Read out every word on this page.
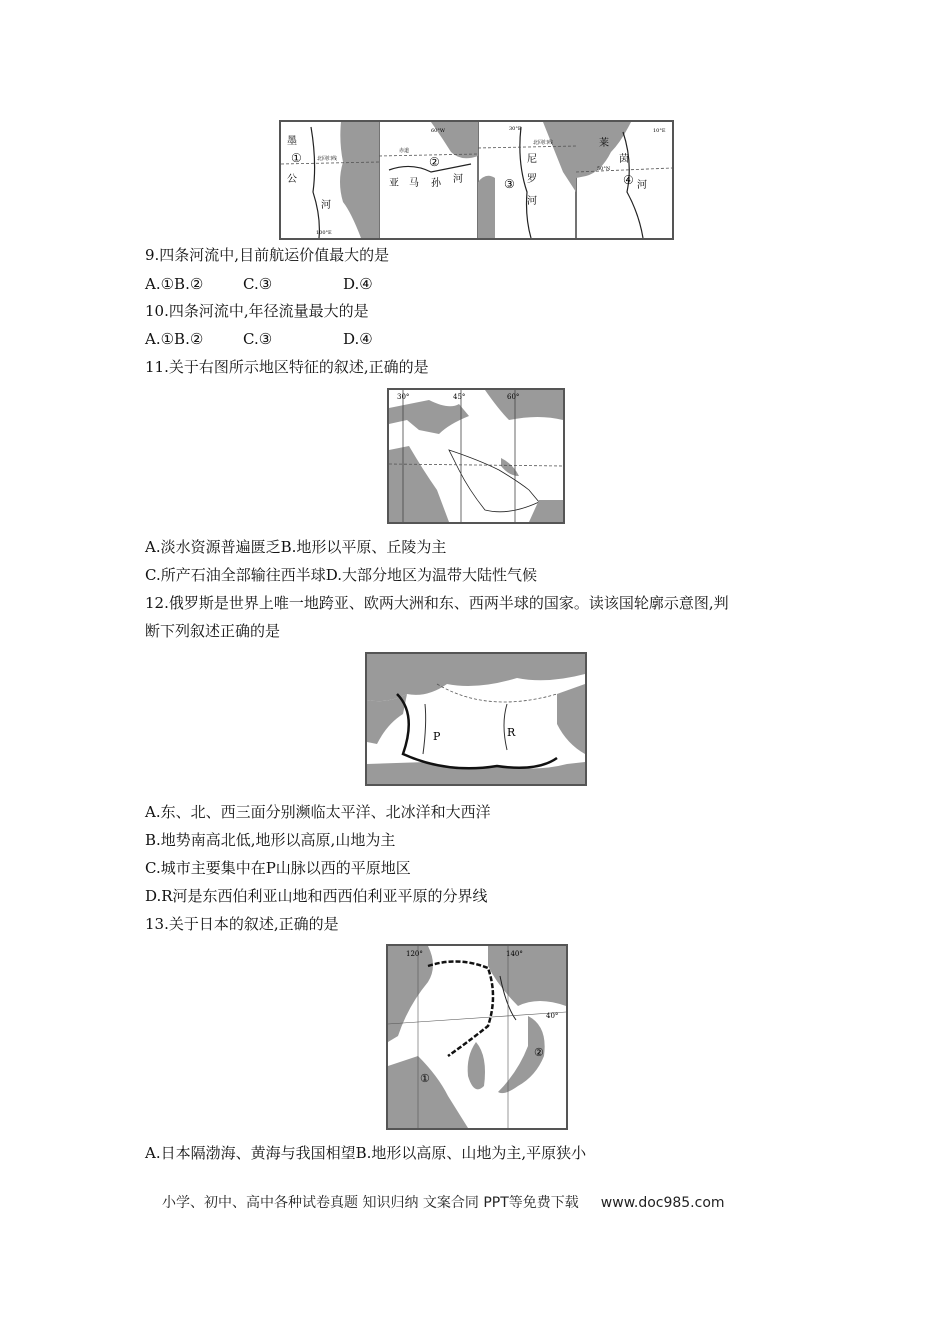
①
墨
公
河
北回归线
100°E
②
亚 马 孙 河
60°W
赤道
③
尼
罗
河
30°E
北回归线
④
莱
茵
河
10°E
50°N
9.四条河流中,目前航运价值最大的是
A.①B.②	C.③	D.④
10.四条河流中,年径流量最大的是
A.①B.②	C.③	D.④
11.关于右图所示地区特征的叙述,正确的是
30°	45°	60°
A.淡水资源普遍匮乏B.地形以平原、丘陵为主
C.所产石油全部输往西半球D.大部分地区为温带大陆性气候
12.俄罗斯是世界上唯一地跨亚、欧两大洲和东、西两半球的国家。读该国轮廓示意图,判
断下列叙述正确的是
P	R
A.东、北、西三面分别濒临太平洋、北冰洋和大西洋
B.地势南高北低,地形以高原,山地为主
C.城市主要集中在P山脉以西的平原地区
D.R河是东西伯利亚山地和西西伯利亚平原的分界线
13.关于日本的叙述,正确的是
120°	140°
40°
①
②
A.日本隔渤海、黄海与我国相望B.地形以高原、山地为主,平原狭小
小学、初中、高中各种试卷真题 知识归纳 文案合同 PPT等免费下载 www.doc985.com
